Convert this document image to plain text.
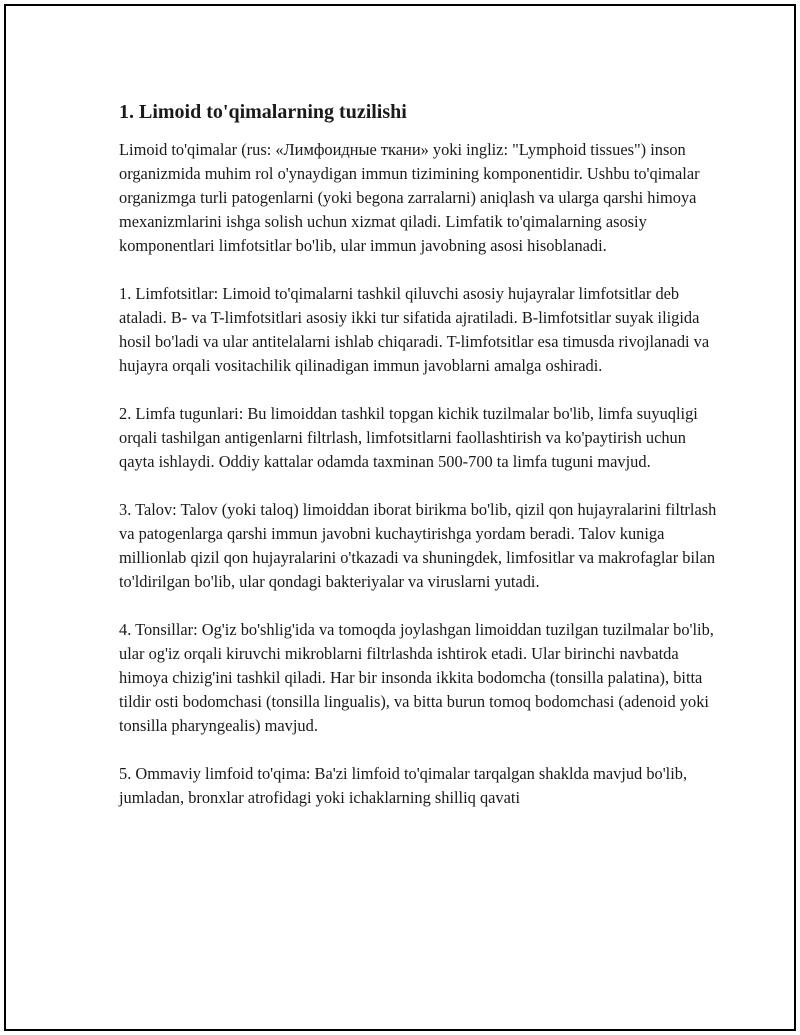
1. Limoid to'qimalarning tuzilishi

Limoid to'qimalar (rus: «Лимфоидные ткани» yoki ingliz: "Lymphoid tissues") inson organizmida muhim rol o'ynaydigan immun tizimining komponentidir. Ushbu to'qimalar organizmga turli patogenlarni (yoki begona zarralarni) aniqlash va ularga qarshi himoya mexanizmlarini ishga solish uchun xizmat qiladi. Limfatik to'qimalarning asosiy komponentlari limfotsitlar bo'lib, ular immun javobning asosi hisoblanadi.

1. Limfotsitlar: Limoid to'qimalarni tashkil qiluvchi asosiy hujayralar limfotsitlar deb ataladi. B- va T-limfotsitlari asosiy ikki tur sifatida ajratiladi. B-limfotsitlar suyak iligida hosil bo'ladi va ular antitelalarni ishlab chiqaradi. T-limfotsitlar esa timusda rivojlanadi va hujayra orqali vositachilik qilinadigan immun javoblarni amalga oshiradi.

2. Limfa tugunlari: Bu limoiddan tashkil topgan kichik tuzilmalar bo'lib, limfa suyuqligi orqali tashilgan antigenlarni filtrlash, limfotsitlarni faollashtirish va ko'paytirish uchun qayta ishlaydi. Oddiy kattalar odamda taxminan 500-700 ta limfa tuguni mavjud.

3. Talov: Talov (yoki taloq) limoiddan iborat birikma bo'lib, qizil qon hujayralarini filtrlash va patogenlarga qarshi immun javobni kuchaytirishga yordam beradi. Talov kuniga millionlab qizil qon hujayralarini o'tkazadi va shuningdek, limfositlar va makrofaglar bilan to'ldirilgan bo'lib, ular qondagi bakteriyalar va viruslarni yutadi.

4. Tonsillar: Og'iz bo'shlig'ida va tomoqda joylashgan limoiddan tuzilgan tuzilmalar bo'lib, ular og'iz orqali kiruvchi mikroblarni filtrlashda ishtirok etadi. Ular birinchi navbatda himoya chizig'ini tashkil qiladi. Har bir insonda ikkita bodomcha (tonsilla palatina), bitta tildir osti bodomchasi (tonsilla lingualis), va bitta burun tomoq bodomchasi (adenoid yoki tonsilla pharyngealis) mavjud.

5. Ommaviy limfoid to'qima: Ba'zi limfoid to'qimalar tarqalgan shaklda mavjud bo'lib, jumladan, bronxlar atrofidagi yoki ichaklarning shilliq qavati
